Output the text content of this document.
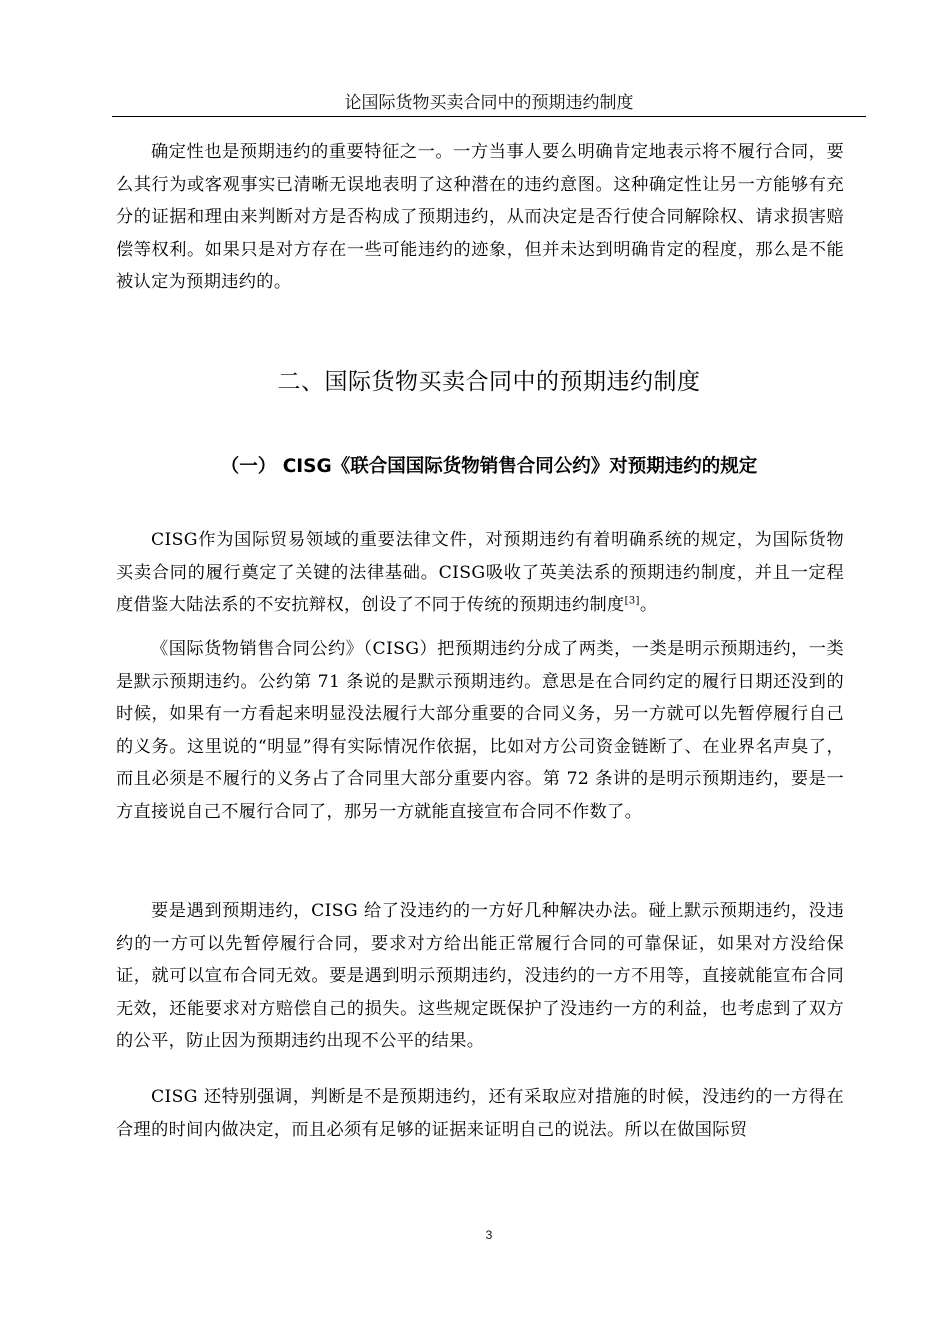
论国际货物买卖合同中的预期违约制度

确定性也是预期违约的重要特征之一。一方当事人要么明确肯定地表示将不履行合同，要么其行为或客观事实已清晰无误地表明了这种潜在的违约意图。这种确定性让另一方能够有充分的证据和理由来判断对方是否构成了预期违约，从而决定是否行使合同解除权、请求损害赔偿等权利。如果只是对方存在一些可能违约的迹象，但并未达到明确肯定的程度，那么是不能被认定为预期违约的。

二、国际货物买卖合同中的预期违约制度
（一） CISG《联合国国际货物销售合同公约》对预期违约的规定

CISG作为国际贸易领域的重要法律文件，对预期违约有着明确系统的规定，为国际货物买卖合同的履行奠定了关键的法律基础。CISG吸收了英美法系的预期违约制度，并且一定程度借鉴大陆法系的不安抗辩权，创设了不同于传统的预期违约制度[3]。

《国际货物销售合同公约》（CISG）把预期违约分成了两类，一类是明示预期违约，一类是默示预期违约。公约第 71 条说的是默示预期违约。意思是在合同约定的履行日期还没到的时候，如果有一方看起来明显没法履行大部分重要的合同义务，另一方就可以先暂停履行自己的义务。这里说的“明显”得有实际情况作依据，比如对方公司资金链断了、在业界名声臭了，而且必须是不履行的义务占了合同里大部分重要内容。第 72 条讲的是明示预期违约，要是一方直接说自己不履行合同了，那另一方就能直接宣布合同不作数了。

要是遇到预期违约，CISG 给了没违约的一方好几种解决办法。碰上默示预期违约，没违约的一方可以先暂停履行合同，要求对方给出能正常履行合同的可靠保证，如果对方没给保证，就可以宣布合同无效。要是遇到明示预期违约，没违约的一方不用等，直接就能宣布合同无效，还能要求对方赔偿自己的损失。这些规定既保护了没违约一方的利益，也考虑到了双方的公平，防止因为预期违约出现不公平的结果。

CISG 还特别强调，判断是不是预期违约，还有采取应对措施的时候，没违约的一方得在合理的时间内做决定，而且必须有足够的证据来证明自己的说法。所以在做国际贸

3
